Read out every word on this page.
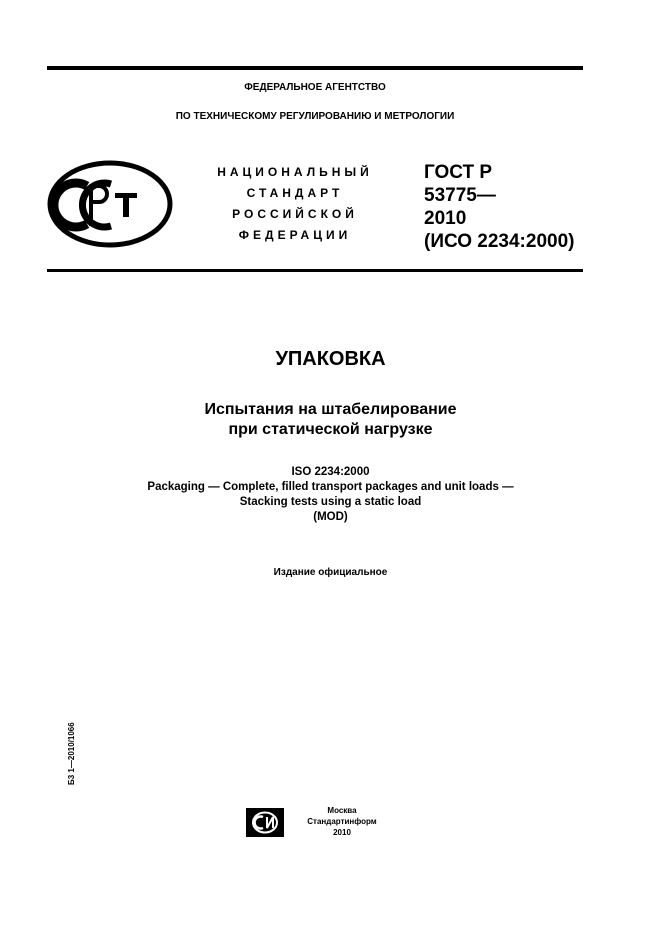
ФЕДЕРАЛЬНОЕ АГЕНТСТВО
ПО ТЕХНИЧЕСКОМУ РЕГУЛИРОВАНИЮ И МЕТРОЛОГИИ
НАЦИОНАЛЬНЫЙ
СТАНДАРТ
РОССИЙСКОЙ
ФЕДЕРАЦИИ
ГОСТ Р
53775—
2010
(ИСО 2234:2000)
УПАКОВКА
Испытания на штабелирование
при статической нагрузке
ISO 2234:2000
Packaging — Complete, filled transport packages and unit loads —
Stacking tests using a static load
(MOD)
Издание официальное
Б3 1—2010/1066
Москва
Стандартинформ
2010
